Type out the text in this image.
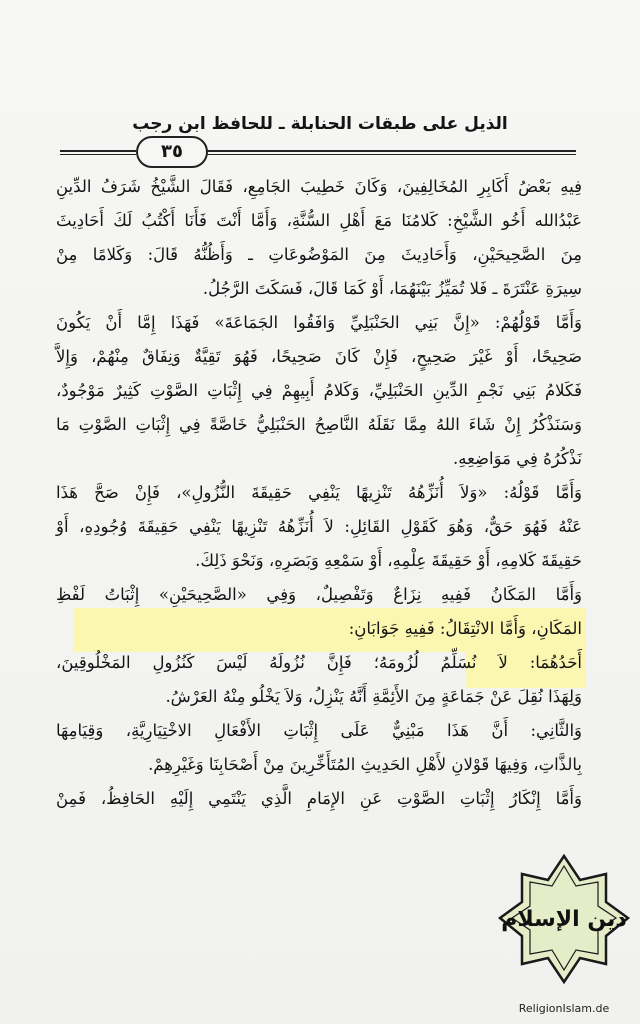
الذيل على طبقات الحنابلة ـ للحافظ ابن رجب
٣٥
فِيهِ بَعْضُ أَكَابِرِ المُخَالِفِينَ، وَكَانَ خَطِيبَ الجَامِعِ، فَقَالَ الشَّيْخُ شَرَفُ الدِّينِ
عَبْدُالله أَخُو الشَّيْخِ: كَلامُنَا مَعَ أَهْلِ السُّنَّةِ، وَأَمَّا أَنْتَ فَأَنَا أَكْتُبُ لَكَ أَحَادِيثَ
مِنَ الصَّحِيحَيْنِ، وَأَحَادِيثَ مِنَ المَوْضُوعَاتِ ـ وَأَظُنُّهُ قَالَ: وَكَلامًا مِنْ
سِيرَةِ عَنْتَرَةَ ـ فَلا تُمَيِّزُ بَيْنَهُمَا، أَوْ كَمَا قَالَ، فَسَكَتَ الرَّجُلُ.
وَأَمَّا قَوْلُهُمْ: «إِنَّ بَنِي الحَنْبَلِيِّ وَافَقُوا الجَمَاعَةَ» فَهَذَا إِمَّا أَنْ يَكُونَ
صَحِيحًا، أَوْ غَيْرَ صَحِيحٍ، فَإِنْ كَانَ صَحِيحًا، فَهُوَ تَقِيَّةٌ وَنِفَاقٌ مِنْهُمْ، وَإِلاَّ
فَكَلامُ بَنِي نَجْمِ الدِّينِ الحَنْبَلِيِّ، وَكَلامُ أَبِيهِمْ فِي إِثْبَاتِ الصَّوْتِ كَثِيرٌ مَوْجُودٌ،
وَسَنَذْكُرُ إِنْ شَاءَ اللهُ مِمَّا نَقَلَهُ النَّاصِحُ الحَنْبَلِيُّ خَاصَّةً فِي إِثْبَاتِ الصَّوْتِ مَا
نَذْكُرُهُ فِي مَوَاضِعِهِ.
وَأَمَّا قَوْلُهُ: «وَلاَ أُنَزِّهُهُ تَنْزِيهًا يَنْفِي حَقِيقَةَ النُّزُولِ»، فَإِنْ صَحَّ هَذَا
عَنْهُ فَهُوَ حَقٌّ، وَهُوَ كَقَوْلِ القَائِلِ: لاَ أُنَزِّهُهُ تَنْزِيهًا يَنْفِي حَقِيقَةَ وُجُودِهِ، أَوْ
حَقِيقَةَ كَلامِهِ، أَوْ حَقِيقَةَ عِلْمِهِ، أَوْ سَمْعِهِ وَبَصَرِهِ، وَنَحْوَ ذَلِكَ.
وَأَمَّا المَكَانُ فَفِيهِ نِزَاعٌ وَتَفْصِيلٌ، وَفِي «الصَّحِيحَيْنِ» إِثْبَاتُ لَفْظِ
المَكَانِ، وَأَمَّا الانْتِقَالُ: فَفِيهِ جَوَابَانِ:
أَحَدُهُمَا: لاَ نُسَلِّمُ لُزُومَهُ؛ فَإِنَّ نُزُولَهُ لَيْسَ كَنُزُولِ المَخْلُوقِينَ،
وَلِهَذَا نُقِلَ عَنْ جَمَاعَةٍ مِنَ الأَئِمَّةِ أَنَّهُ يَنْزِلُ، وَلاَ يَخْلُو مِنْهُ العَرْشُ.
وَالثَّانِي: أَنَّ هَذَا مَبْنِيٌّ عَلَى إِثْبَاتِ الأَفْعَالِ الاخْتِيَارِيَّةِ، وَقِيَامِهَا
بِالذَّاتِ، وَفِيهَا قَوْلانِ لأَهْلِ الحَدِيثِ المُتَأَخِّرِينَ مِنْ أَصْحَابِنَا وَغَيْرِهِمْ.
وَأَمَّا إِنْكَارُ إِثْبَاتِ الصَّوْتِ عَنِ الإِمَامِ الَّذِي يَنْتَمِي إِلَيْهِ الحَافِظُ، فَمِنْ
دين الإسلام
ReligionIslam.de
